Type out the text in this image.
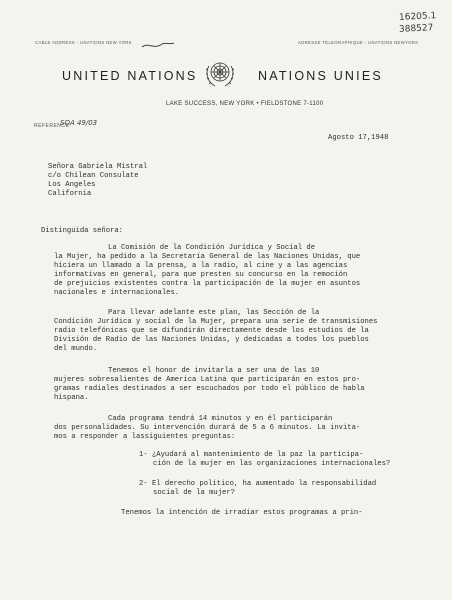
CABLE ADDRESS - UNATIONS NEW YORK	ADRESSE TELEGRAPHIQUE - UNATIONS NEWYORK
16205.1
388527
UNITED NATIONS	NATIONS UNIES
LAKE SUCCESS, NEW YORK • FIELDSTONE 7-1100
REFERENCE:
SOA 49/03
Agosto 17,1948
Señora Gabriela Mistral
c/o Chilean Consulate
Los Angeles
California
Distinguida señora:
La Comisión de la Condición Jurídica y Social de
la Mujer, ha pedido a la Secretaría General de las Naciones Unidas, que
hiciera un llamado a la prensa, a la radio, al cine y a las agencias
informativas en general, para que presten su concurso en la remoción
de prejuicios existentes contra la participación de la mujer en asuntos
nacionales e internacionales.
Para llevar adelante este plan, las Sección de la
Condición Jurídica y social de la Mujer, prepara una serie de transmisiones
radio telefónicas que se difundirán directamente desde los estudios de la
División de Radio de las Naciones Unidas, y dedicadas a todos los pueblos
del mundo.
Tenemos el honor de invitarla a ser una de las 10
mujeres sobresalientes de America Latina que participarán en estos pro-
gramas radiales destinados a ser escuchados por todo el público de habla
hispana.
Cada programa tendrá 14 minutos y en él participarán
dos personalidades. Su intervención durará de 5 a 6 minutos. La invita-
mos a responder a lassiguientes preguntas:
1- ¿Ayudará al mantenimiento de la paz la participa-
ción de la mujer en las organizaciones internacionales?
2- El derecho político, ha aumentado la responsabilidad
social de la mujer?
Tenemos la intención de irradiar estos programas a prin-
